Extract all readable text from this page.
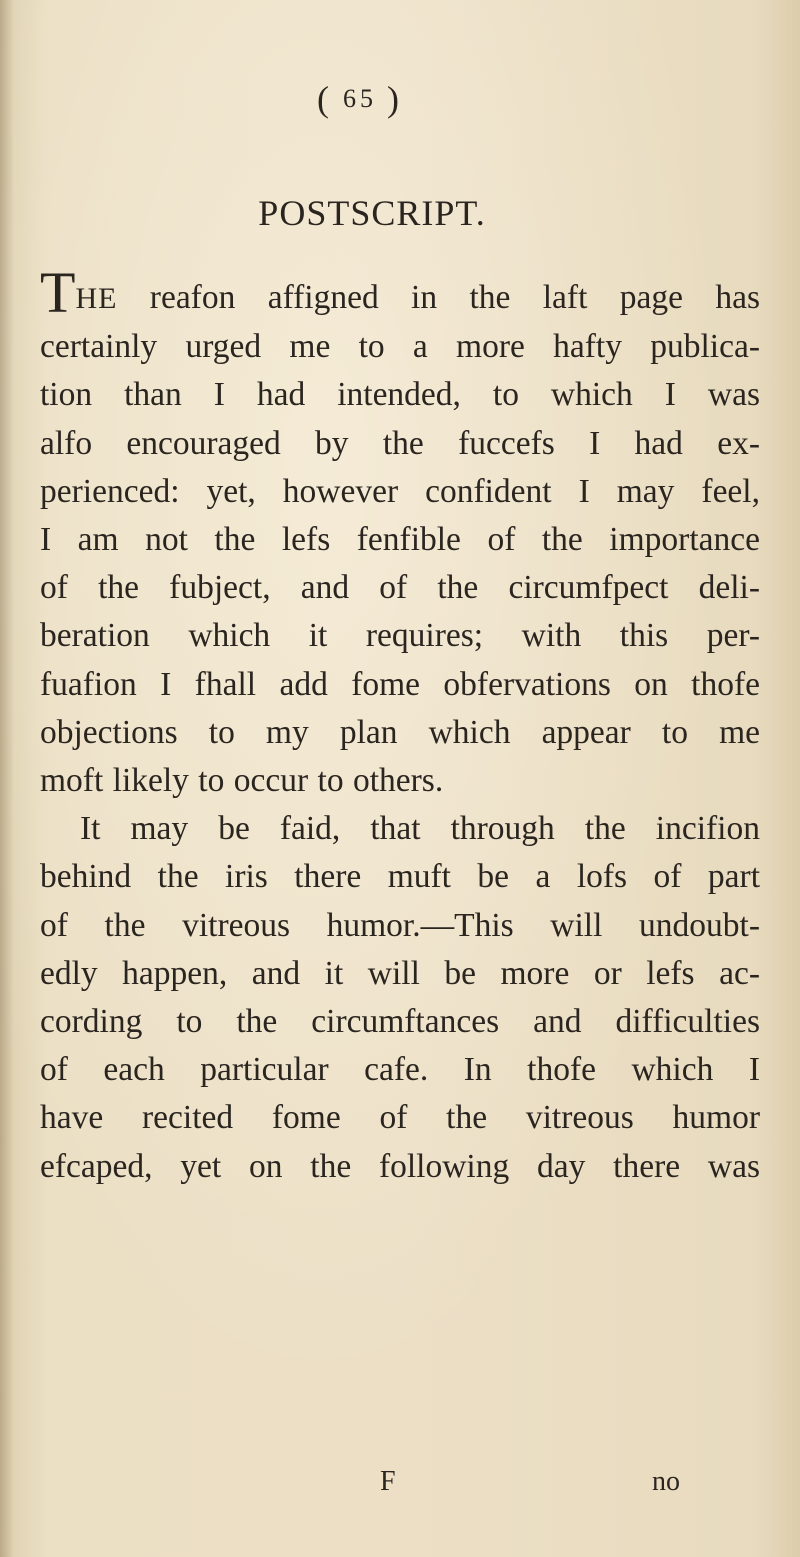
( 65 )
POSTSCRIPT.
THE reafon affigned in the laft page has
certainly urged me to a more hafty publica-
tion than I had intended, to which I was
alfo encouraged by the fuccefs I had ex-
perienced: yet, however confident I may feel,
I am not the lefs fenfible of the importance
of the fubject, and of the circumfpect deli-
beration which it requires; with this per-
fuafion I fhall add fome obfervations on thofe
objections to my plan which appear to me
moft likely to occur to others.
It may be faid, that through the incifion
behind the iris there muft be a lofs of part
of the vitreous humor.—This will undoubt-
edly happen, and it will be more or lefs ac-
cording to the circumftances and difficulties
of each particular cafe. In thofe which I
have recited fome of the vitreous humor
efcaped, yet on the following day there was
F	no
